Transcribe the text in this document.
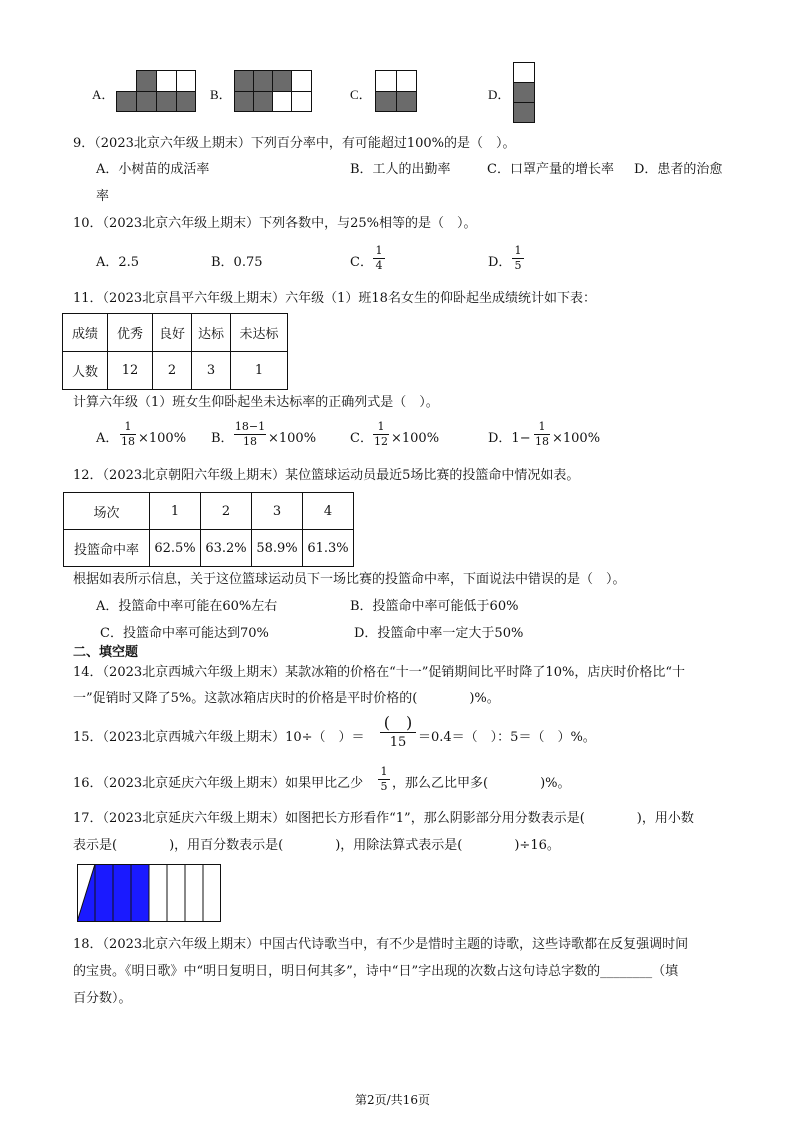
A．	B．	C．	D．
9．（2023北京六年级上期末）下列百分率中，有可能超过100%的是（　）。
A．小树苗的成活率	B．工人的出勤率	C．口罩产量的增长率 D．患者的治愈
率
10．（2023北京六年级上期末）下列各数中，与25%相等的是（　）。
A．2.5	B．0.75	C．
1
4	D．
1
5
11．（2023北京昌平六年级上期末）六年级（1）班18名女生的仰卧起坐成绩统计如下表：
成绩	优秀	良好	达标	未达标
人数	12	2	3	1
计算六年级（1）班女生仰卧起坐未达标率的正确列式是（　）。
A．
1
18 ×100% B．
18−1
18 ×100%	C．
1
12 ×100%	D．1−
1
18 ×100%
12．（2023北京朝阳六年级上期末）某位篮球运动员最近5场比赛的投篮命中情况如表。
场次	1	2	3	4
投篮命中率	62.5%	63.2%	58.9%	61.3%
根据如表所示信息，关于这位篮球运动员下一场比赛的投篮命中率，下面说法中错误的是（　）。
A．投篮命中率可能在60%左右	B．投篮命中率可能低于60%
C．投篮命中率可能达到70%	D．投篮命中率一定大于50%
二、填空题
14．（2023北京西城六年级上期末）某款冰箱的价格在“十一”促销期间比平时降了10%，店庆时价格比“十
一”促销时又降了5%。这款冰箱店庆时的价格是平时价格的(　　　　)%。
15．（2023北京西城六年级上期末）10÷（　）＝
(　)
15 ＝0.4＝（　）：5＝（　）%。
16．（2023北京延庆六年级上期末）如果甲比乙少
1
5 ，那么乙比甲多(　　　　)%。
17．（2023北京延庆六年级上期末）如图把长方形看作“1”，那么阴影部分用分数表示是(　　　　)，用小数
表示是(　　　　)，用百分数表示是(　　　　)，用除法算式表示是(　　　　)÷16。
18．（2023北京六年级上期末）中国古代诗歌当中，有不少是惜时主题的诗歌，这些诗歌都在反复强调时间
的宝贵。《明日歌》中“明日复明日，明日何其多”，诗中“日”字出现的次数占这句诗总字数的________（填
百分数）。
第2页/共16页
